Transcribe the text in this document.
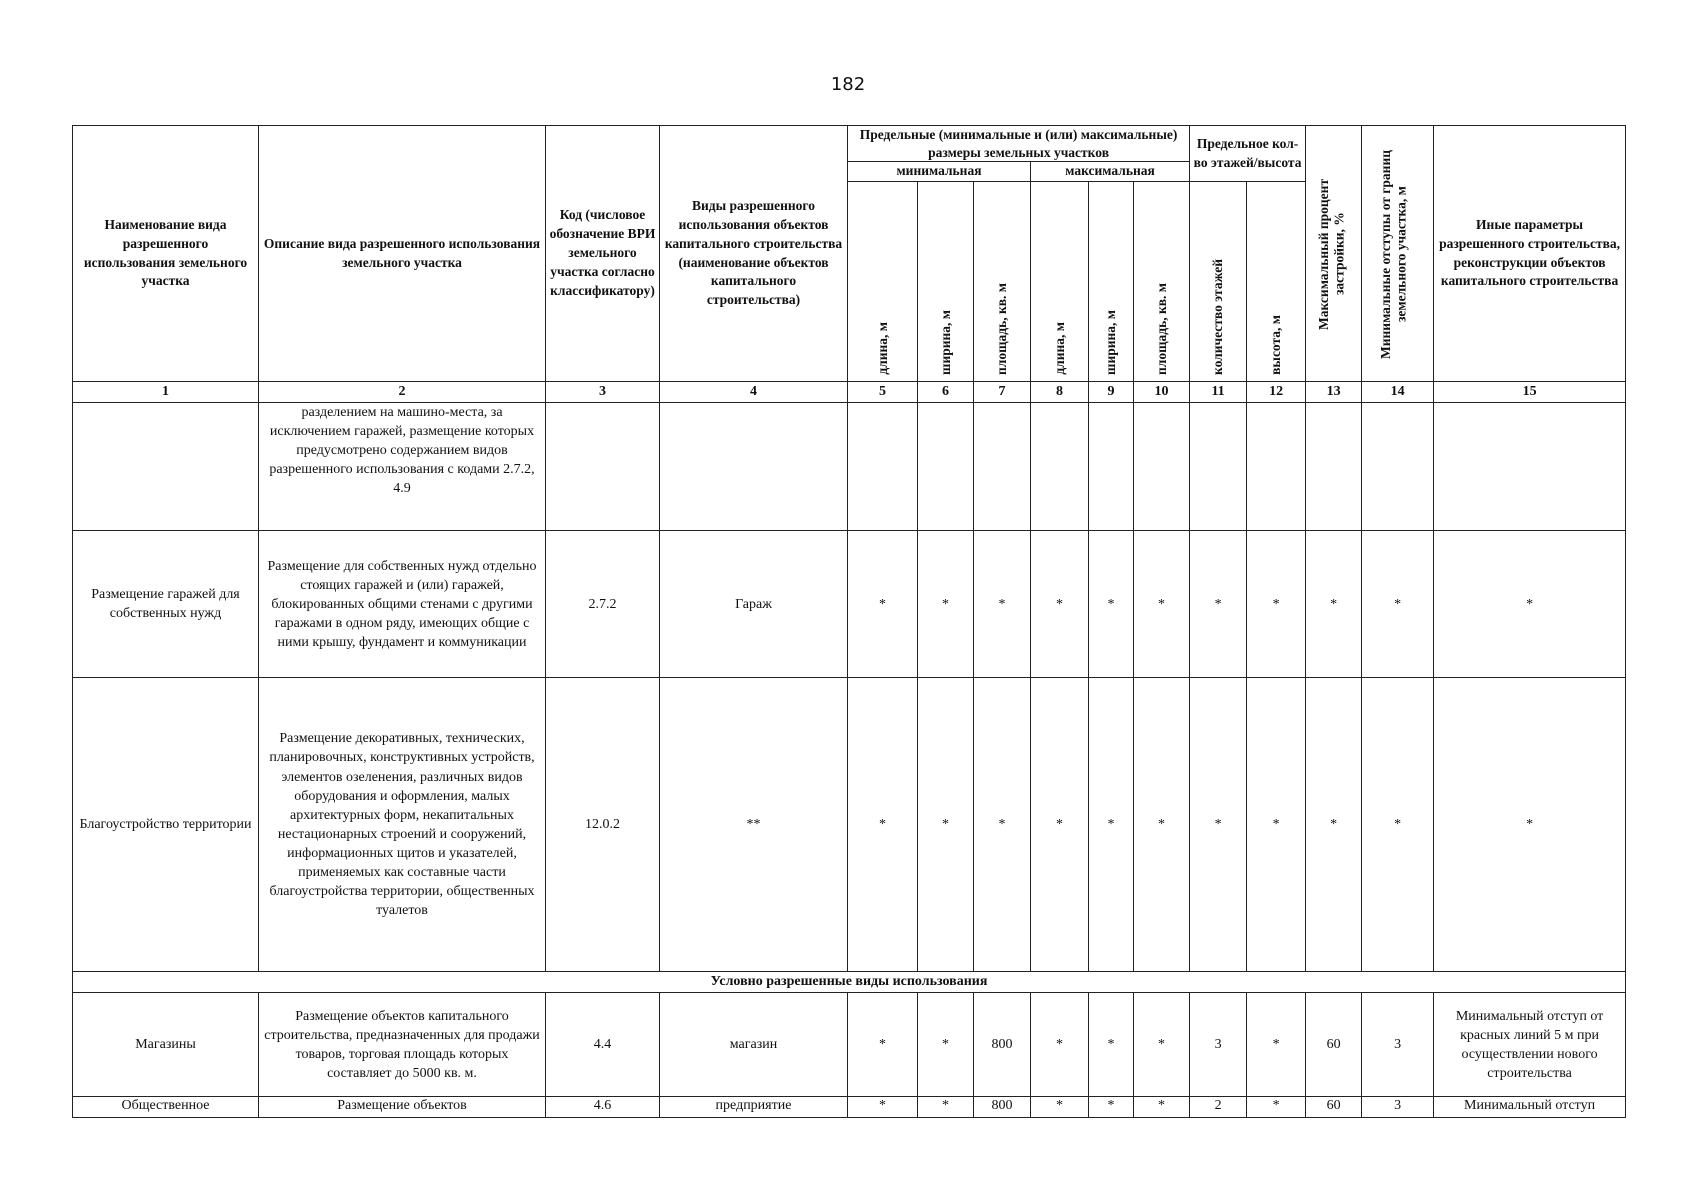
182
Наименование вида разрешенного использования земельного участка	Описание вида разрешенного использования земельного участка	Код (числовое обозначение ВРИ земельного участка согласно классификатору)	Виды разрешенного использования объектов капитального строительства (наименование объектов капитального строительства)	Предельные (минимальные и (или) максимальные) размеры земельных участков						Предельное кол-во этажей/высота		Максимальный процент застройки, %	Минимальные отступы от границ земельного участка, м	Иные параметры разрешенного строительства, реконструкции объектов капитального строительства
				минимальная			максимальная							

				длина, м	ширина, м	площадь, кв. м	длина, м	ширина, м	площадь, кв. м	количество этажей	высота, м			

1	2	3	4	5	6	7	8	9	10	11	12	13	14	15
	разделением на машино-места, за исключением гаражей, размещение которых предусмотрено содержанием видов разрешенного использования с кодами 2.7.2, 4.9													
Размещение гаражей для собственных нужд	Размещение для собственных нужд отдельно стоящих гаражей и (или) гаражей, блокированных общими стенами с другими гаражами в одном ряду, имеющих общие с ними крышу, фундамент и коммуникации	2.7.2	Гараж	*	*	*	*	*	*	*	*	*	*	*
Благоустройство территории	Размещение декоративных, технических, планировочных, конструктивных устройств, элементов озеленения, различных видов оборудования и оформления, малых архитектурных форм, некапитальных нестационарных строений и сооружений, информационных щитов и указателей, применяемых как составные части благоустройства территории, общественных туалетов	12.0.2	**	*	*	*	*	*	*	*	*	*	*	*
Условно разрешенные виды использования														
Магазины	Размещение объектов капитального строительства, предназначенных для продажи товаров, торговая площадь которых составляет до 5000 кв. м.	4.4	магазин	*	*	800	*	*	*	3	*	60	3	Минимальный отступ от красных линий 5 м при осуществлении нового строительства
Общественное	Размещение объектов	4.6	предприятие	*	*	800	*	*	*	2	*	60	3	Минимальный отступ
